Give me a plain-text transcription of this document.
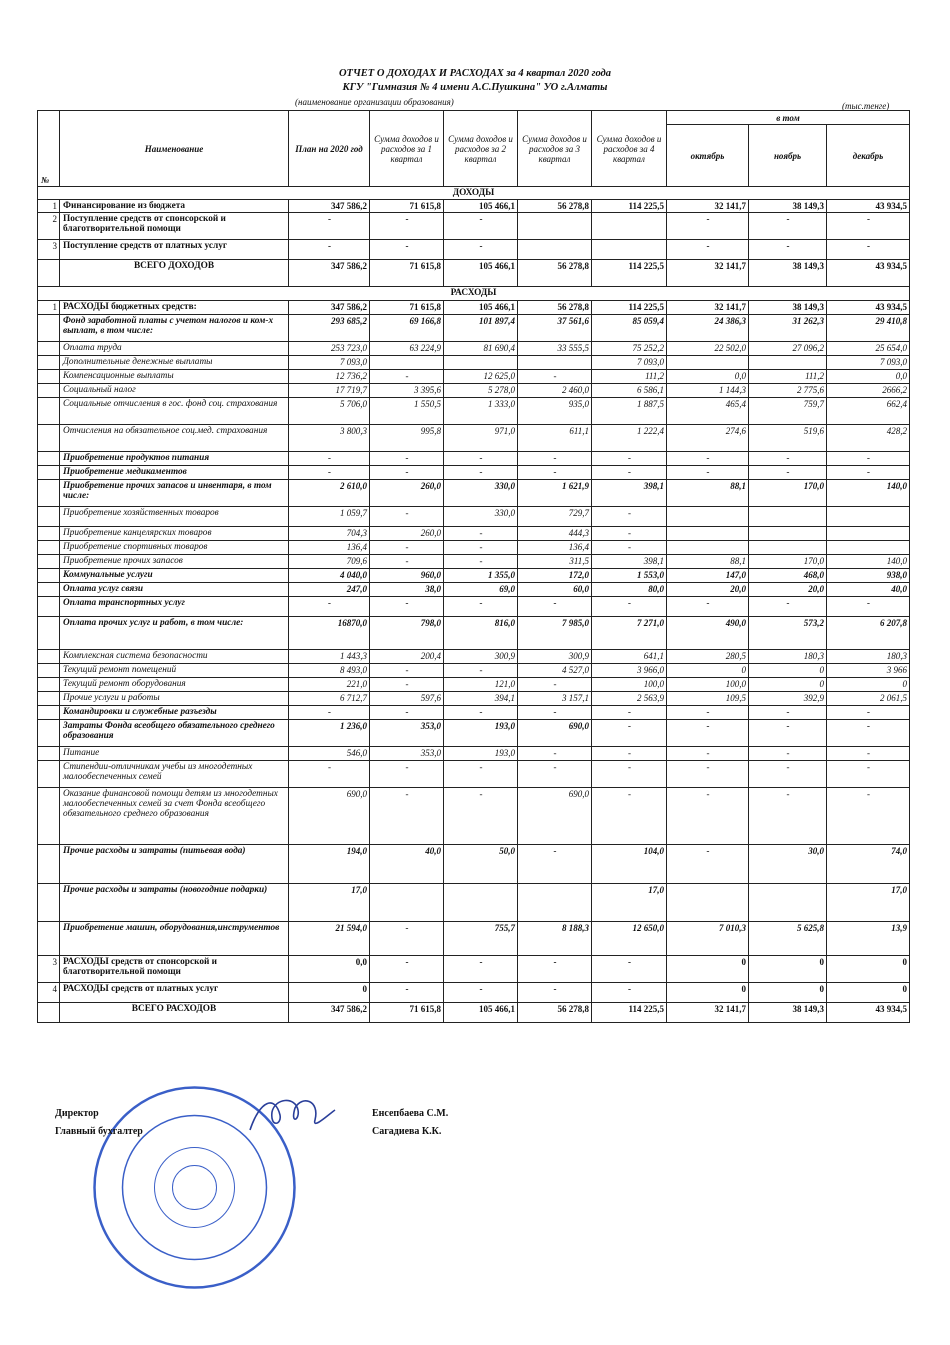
ОТЧЕТ О ДОХОДАХ И РАСХОДАХ за 4 квартал 2020 года
КГУ "Гимназия № 4 имени А.С.Пушкина" УО г.Алматы
(наименование организации образования)	(тыс.тенге)
№	Наименование	План на 2020 год	Сумма доходов и расходов за 1 квартал	Сумма доходов и расходов за 2 квартал	Сумма доходов и расходов за 3 квартал	Сумма доходов и расходов за 4 квартал	в том		
							октябрь	ноябрь	декабрь
ДОХОДЫ									
1	Финансирование из бюджета	347 586,2	71 615,8	105 466,1	56 278,8	114 225,5	32 141,7	38 149,3	43 934,5
2	Поступление средств от спонсорской и благотворительной помощи	-	-	-			-	-	-
3	Поступление средств от платных услуг	-	-	-			-	-	-
	ВСЕГО ДОХОДОВ	347 586,2	71 615,8	105 466,1	56 278,8	114 225,5	32 141,7	38 149,3	43 934,5
РАСХОДЫ									
1	РАСХОДЫ бюджетных средств:	347 586,2	71 615,8	105 466,1	56 278,8	114 225,5	32 141,7	38 149,3	43 934,5
	Фонд заработной платы с учетом налогов и ком-х выплат, в том числе:	293 685,2	69 166,8	101 897,4	37 561,6	85 059,4	24 386,3	31 262,3	29 410,8
	Оплата труда	253 723,0	63 224,9	81 690,4	33 555,5	75 252,2	22 502,0	27 096,2	25 654,0
	Дополнительные денежные выплаты	7 093,0				7 093,0			7 093,0
	Компенсационные выплаты	12 736,2	-	12 625,0	-	111,2	0,0	111,2	0,0
	Социальный налог	17 719,7	3 395,6	5 278,0	2 460,0	6 586,1	1 144,3	2 775,6	2666,2
	Социальные отчисления в гос. фонд соц. страхования	5 706,0	1 550,5	1 333,0	935,0	1 887,5	465,4	759,7	662,4
	Отчисления на обязательное соц.мед. страхования	3 800,3	995,8	971,0	611,1	1 222,4	274,6	519,6	428,2
	Приобретение продуктов питания	-	-	-	-	-	-	-	-
	Приобретение медикаментов	-	-	-	-	-	-	-	-
	Приобретение прочих запасов и инвентаря, в том числе:	2 610,0	260,0	330,0	1 621,9	398,1	88,1	170,0	140,0
	Приобретение хозяйственных товаров	1 059,7	-	330,0	729,7	-			
	Приобретение канцелярских товаров	704,3	260,0	-	444,3	-			
	Приобретение спортивных товаров	136,4	-	-	136,4	-			
	Приобретение прочих запасов	709,6	-	-	311,5	398,1	88,1	170,0	140,0
	Коммунальные услуги	4 040,0	960,0	1 355,0	172,0	1 553,0	147,0	468,0	938,0
	Оплата услуг связи	247,0	38,0	69,0	60,0	80,0	20,0	20,0	40,0
	Оплата транспортных услуг	-	-	-	-	-	-	-	-
	Оплата прочих услуг и работ, в том числе:	16870,0	798,0	816,0	7 985,0	7 271,0	490,0	573,2	6 207,8
	Комплексная система безопасности	1 443,3	200,4	300,9	300,9	641,1	280,5	180,3	180,3
	Текущий ремонт помещений	8 493,0	-	-	4 527,0	3 966,0	0	0	3 966
	Текущий ремонт оборудования	221,0	-	121,0	-	100,0	100,0	0	0
	Прочие услуги и работы	6 712,7	597,6	394,1	3 157,1	2 563,9	109,5	392,9	2 061,5
	Командировки и служебные разъезды	-	-	-	-	-	-	-	-
	Затраты Фонда всеобщего обязательного среднего образования	1 236,0	353,0	193,0	690,0	-	-	-	-
	Питание	546,0	353,0	193,0	-	-	-	-	-
	Стипендии-отличникам учебы из многодетных малообеспеченных семей	-	-	-	-	-	-	-	-
	Оказание финансовой помощи детям из многодетных малообеспеченных семей за счет Фонда всеобщего обязательного среднего образования	690,0	-	-	690,0	-	-	-	-
	Прочие расходы и затраты (питьевая вода)	194,0	40,0	50,0	-	104,0	-	30,0	74,0
	Прочие расходы и затраты (новогодние подарки)	17,0				17,0			17,0
	Приобретение машин, оборудования,инструментов	21 594,0	-	755,7	8 188,3	12 650,0	7 010,3	5 625,8	13,9
3	РАСХОДЫ средств от спонсорской и благотворительной помощи	0,0	-	-	-	-	0	0	0
4	РАСХОДЫ средств от платных услуг	0	-	-	-	-	0	0	0
	ВСЕГО РАСХОДОВ	347 586,2	71 615,8	105 466,1	56 278,8	114 225,5	32 141,7	38 149,3	43 934,5
Директор	Енсепбаева С.М.
Главный бухгалтер	Сагадиева К.К.
